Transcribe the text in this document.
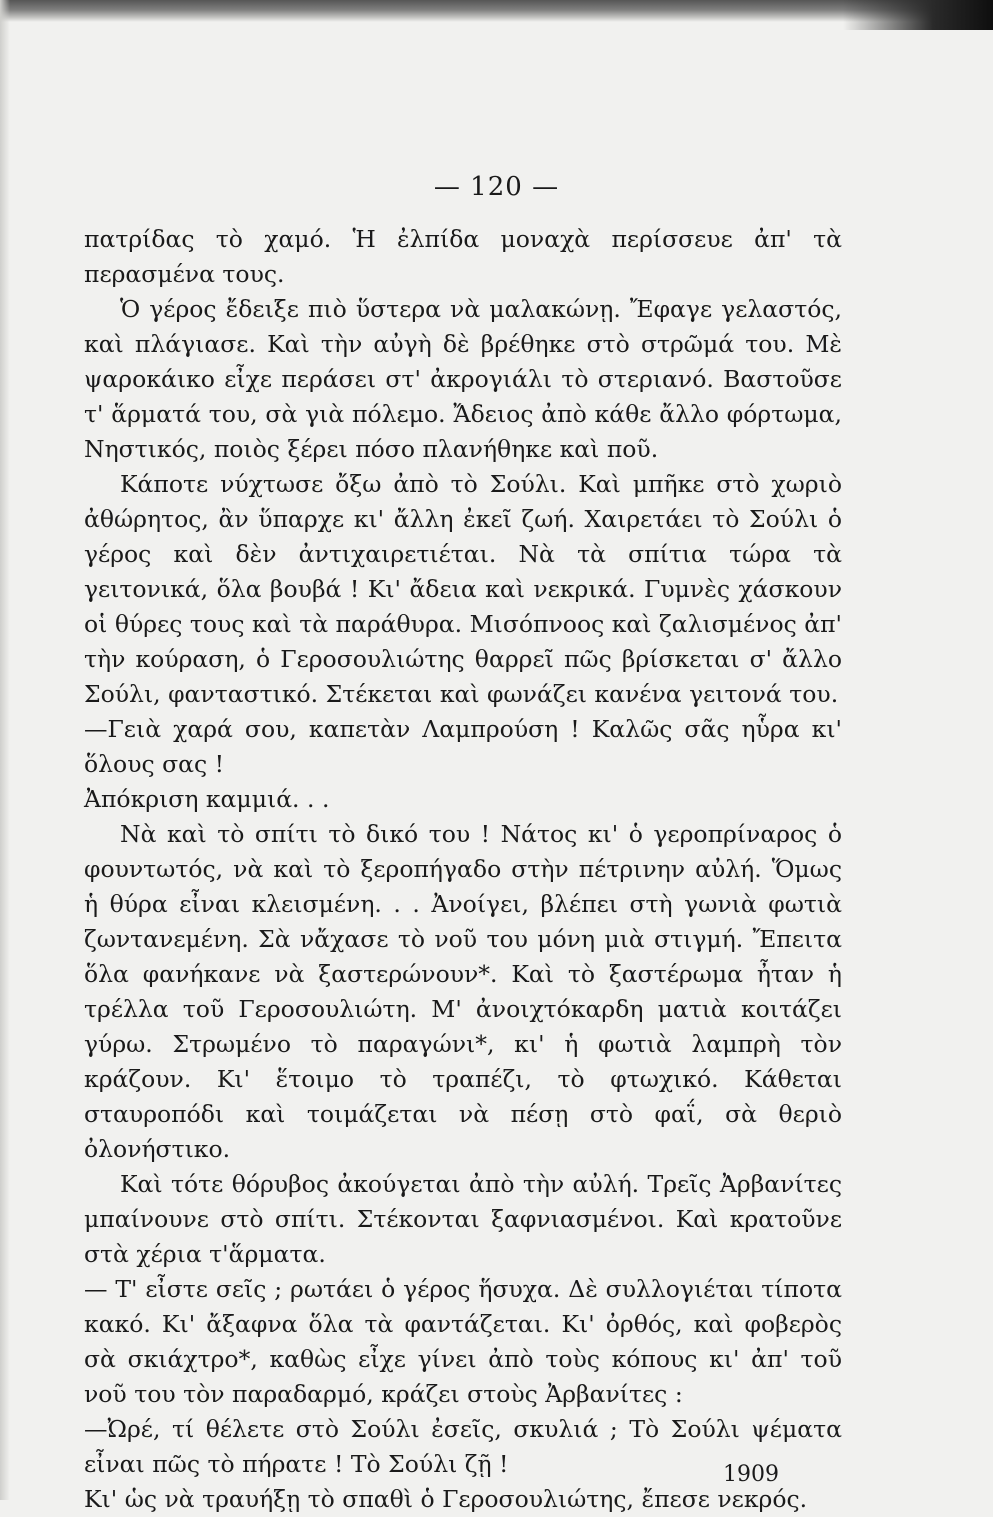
— 120 —

πατρίδας τὸ χαμό. Ἡ ἐλπίδα μοναχὰ περίσσευε ἀπ' τὰ περασμένα τους.

Ὁ γέρος ἔδειξε πιὸ ὕστερα νὰ μαλακώνῃ. Ἔφαγε γελαστός, καὶ πλάγιασε. Καὶ τὴν αὐγὴ δὲ βρέθηκε στὸ στρῶμά του. Μὲ ψαροκάικο εἶχε περάσει στ' ἀκρογιάλι τὸ στεριανό. Βαστοῦσε τ' ἅρματά του, σὰ γιὰ πόλεμο. Ἄδειος ἀπὸ κάθε ἄλλο φόρτωμα, Νηστικός, ποιὸς ξέρει πόσο πλανήθηκε καὶ ποῦ.

Κάποτε νύχτωσε ὄξω ἀπὸ τὸ Σούλι. Καὶ μπῆκε στὸ χωριὸ ἀθώρητος, ἂν ὕπαρχε κι' ἄλλη ἐκεῖ ζωή. Χαιρετάει τὸ Σούλι ὁ γέρος καὶ δὲν ἀντιχαιρετιέται. Νὰ τὰ σπίτια τώρα τὰ γειτονικά, ὅλα βουβά ! Κι' ἄδεια καὶ νεκρικά. Γυμνὲς χάσκουν οἱ θύρες τους καὶ τὰ παράθυρα. Μισόπνοος καὶ ζαλισμένος ἀπ' τὴν κούραση, ὁ Γεροσουλιώτης θαρρεῖ πῶς βρίσκεται σ' ἄλλο Σούλι, φανταστικό. Στέκεται καὶ φωνάζει κανένα γειτονά του.

—Γειὰ χαρά σου, καπετὰν Λαμπρούση ! Καλῶς σᾶς ηὗρα κι' ὅλους σας !

Ἀπόκριση καμμιά. . .

Νὰ καὶ τὸ σπίτι τὸ δικό του ! Νάτος κι' ὁ γεροπρίναρος ὁ φουντωτός, νὰ καὶ τὸ ξεροπήγαδο στὴν πέτρινην αὐλή. Ὅμως ἡ θύρα εἶναι κλεισμένη. . . Ἀνοίγει, βλέπει στὴ γωνιὰ φωτιὰ ζωντανεμένη. Σὰ νἄχασε τὸ νοῦ του μόνη μιὰ στιγμή. Ἔπειτα ὅλα φανήκανε νὰ ξαστερώνουν*. Καὶ τὸ ξαστέρωμα ἦταν ἡ τρέλλα τοῦ Γεροσουλιώτη. Μ' ἀνοιχτόκαρδη ματιὰ κοιτάζει γύρω. Στρωμένο τὸ παραγώνι*, κι' ἡ φωτιὰ λαμπρὴ τὸν κράζουν. Κι' ἕτοιμο τὸ τραπέζι, τὸ φτωχικό. Κάθεται σταυροπόδι καὶ τοιμάζεται νὰ πέσῃ στὸ φαΐ, σὰ θεριὸ ὀλονήστικο.

Καὶ τότε θόρυβος ἀκούγεται ἀπὸ τὴν αὐλή. Τρεῖς Ἀρβανίτες μπαίνουνε στὸ σπίτι. Στέκονται ξαφνιασμένοι. Καὶ κρατοῦνε στὰ χέρια τ'ἅρματα.

— Τ' εἶστε σεῖς ; ρωτάει ὁ γέρος ἥσυχα. Δὲ συλλογιέται τίποτα κακό. Κι' ἄξαφνα ὅλα τὰ φαντάζεται. Κι' ὀρθός, καὶ φοβερὸς σὰ σκιάχτρο*, καθὼς εἶχε γίνει ἀπὸ τοὺς κόπους κι' ἀπ' τοῦ νοῦ του τὸν παραδαρμό, κράζει στοὺς Ἀρβανίτες :

—Ὠρέ, τί θέλετε στὸ Σούλι ἐσεῖς, σκυλιά ; Τὸ Σούλι ψέματα εἶναι πῶς τὸ πήρατε ! Τὸ Σούλι ζῇ !

Κι' ὡς νὰ τραυήξῃ τὸ σπαθὶ ὁ Γεροσουλιώτης, ἔπεσε νεκρός.

1909
